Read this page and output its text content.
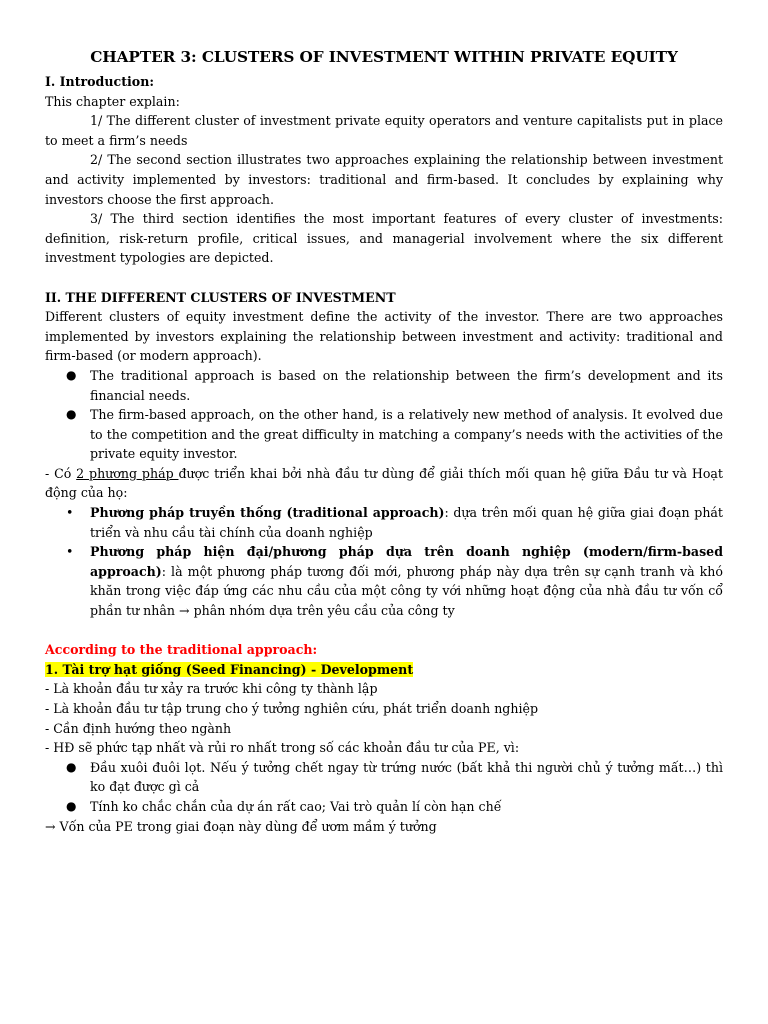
CHAPTER 3: CLUSTERS OF INVESTMENT WITHIN PRIVATE EQUITY

I. Introduction:

This chapter explain:

1/ The different cluster of investment private equity operators and venture capitalists put in place to meet a firm’s needs

2/ The second section illustrates two approaches explaining the relationship between investment and activity implemented by investors: traditional and firm-based. It concludes by explaining why investors choose the first approach.

3/ The third section identifies the most important features of every cluster of investments: definition, risk-return profile, critical issues, and managerial involvement where the six different investment typologies are depicted.

II. THE DIFFERENT CLUSTERS OF INVESTMENT

Different clusters of equity investment define the activity of the investor. There are two approaches implemented by investors explaining the relationship between investment and activity: traditional and firm-based (or modern approach).

● The traditional approach is based on the relationship between the firm’s development and its financial needs.
● The firm-based approach, on the other hand, is a relatively new method of analysis. It evolved due to the competition and the great difficulty in matching a company’s needs with the activities of the private equity investor.

- Có 2 phương pháp được triển khai bởi nhà đầu tư dùng để giải thích mối quan hệ giữa Đầu tư và Hoạt động của họ:

• Phương pháp truyền thống (traditional approach): dựa trên mối quan hệ giữa giai đoạn phát triển và nhu cầu tài chính của doanh nghiệp
• Phương pháp hiện đại/phương pháp dựa trên doanh nghiệp (modern/firm-based approach): là một phương pháp tương đối mới, phương pháp này dựa trên sự cạnh tranh và khó khăn trong việc đáp ứng các nhu cầu của một công ty với những hoạt động của nhà đầu tư vốn cổ phần tư nhân → phân nhóm dựa trên yêu cầu của công ty

According to the traditional approach:

1. Tài trợ hạt giống (Seed Financing) - Development

- Là khoản đầu tư xảy ra trước khi công ty thành lập

- Là khoản đầu tư tập trung cho ý tưởng nghiên cứu, phát triển doanh nghiệp

- Cần định hướng theo ngành

- HĐ sẽ phức tạp nhất và rủi ro nhất trong số các khoản đầu tư của PE, vì:

● Đầu xuôi đuôi lọt. Nếu ý tưởng chết ngay từ trứng nước (bất khả thi người chủ ý tưởng mất…) thì ko đạt được gì cả
● Tính ko chắc chắn của dự án rất cao; Vai trò quản lí còn hạn chế

→ Vốn của PE trong giai đoạn này dùng để ươm mầm ý tưởng
